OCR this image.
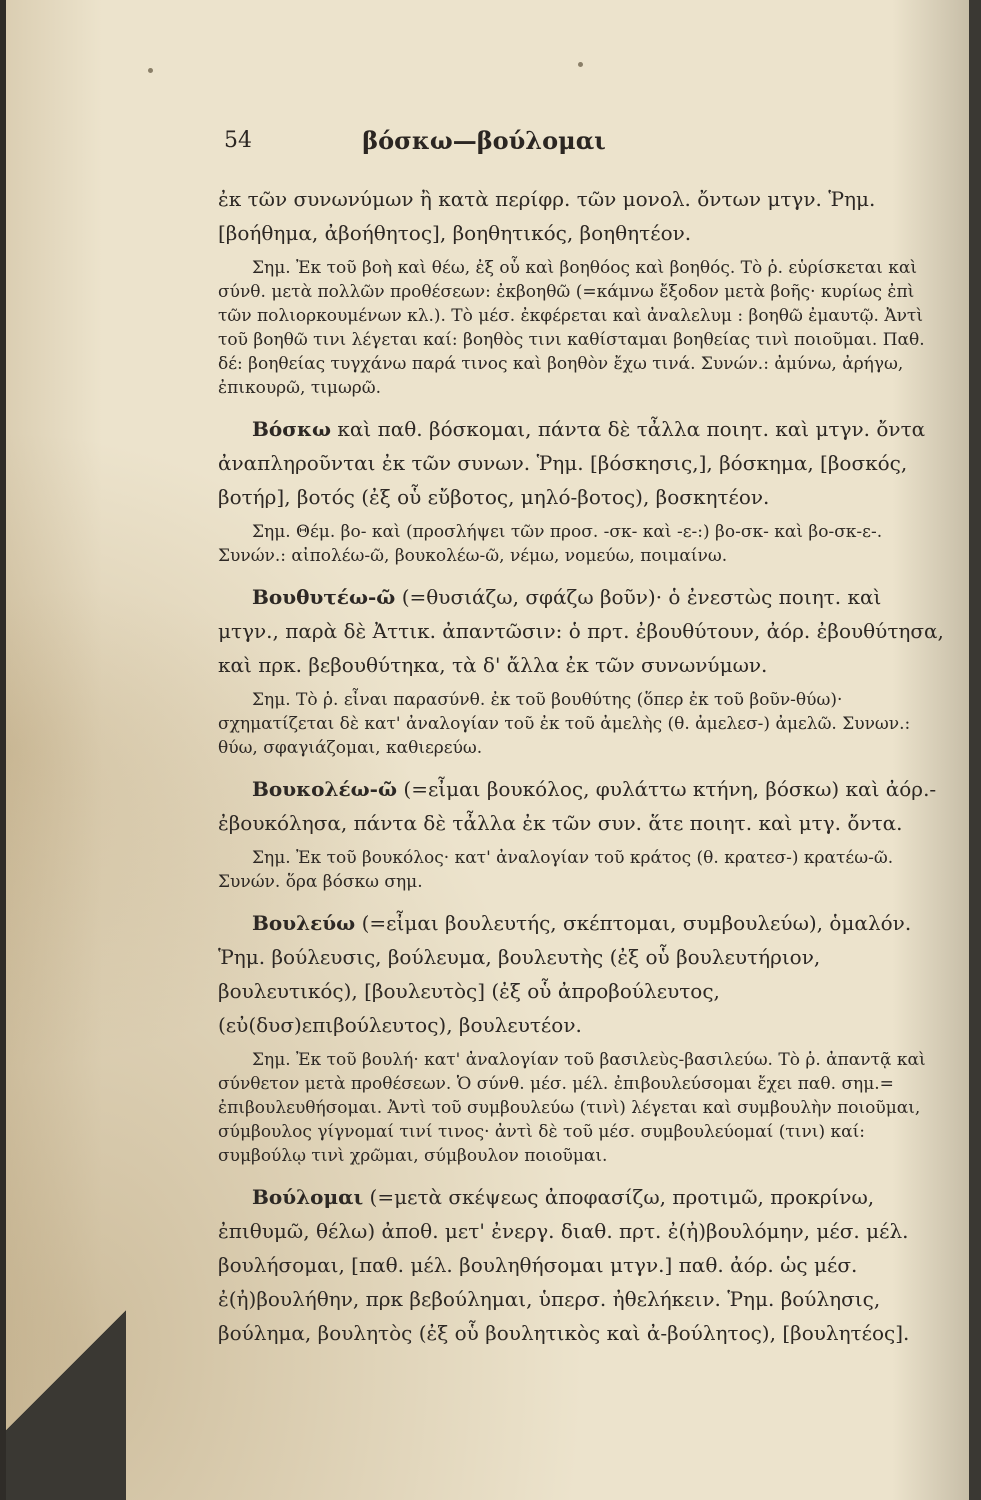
54	βόσκω—βούλομαι

ἐκ τῶν συνωνύμων ἢ κατὰ περίφρ. τῶν μονολ. ὄντων μτγν. Ῥημ. [βοήθημα, ἀβοήθητος], βοηθητικός, βοηθητέον.

Σημ. Ἐκ τοῦ βοὴ καὶ θέω, ἐξ οὗ καὶ βοηθόος καὶ βοηθός. Τὸ ῥ. εὑρίσκεται καὶ σύνθ. μετὰ πολλῶν προθέσεων: ἐκβοηθῶ (=κάμνω ἔξοδον μετὰ βοῆς· κυρίως ἐπὶ τῶν πολιορκουμένων κλ.). Τὸ μέσ. ἐκφέρεται καὶ ἀναλελυμ : βοηθῶ ἐμαυτῷ. Ἀντὶ τοῦ βοηθῶ τινι λέγεται καί: βοηθὸς τινι καθίσταμαι βοηθείας τινὶ ποιοῦμαι. Παθ. δέ: βοηθείας τυγχάνω παρά τινος καὶ βοηθὸν ἔχω τινά. Συνών.: ἀμύνω, ἀρήγω, ἐπικουρῶ, τιμωρῶ.

Βόσκω καὶ παθ. βόσκομαι, πάντα δὲ τἆλλα ποιητ. καὶ μτγν. ὄντα ἀναπληροῦνται ἐκ τῶν συνων. Ῥημ. [βόσκησις,], βόσκημα, [βοσκός, βοτήρ], βοτός (ἐξ οὗ εὔβοτος, μηλό-βοτος), βοσκητέον.

Σημ. Θέμ. βο- καὶ (προσλήψει τῶν προσ. -σκ- καὶ -ε-:) βο-σκ- καὶ βο-σκ-ε-. Συνών.: αἰπολέω-ῶ, βουκολέω-ῶ, νέμω, νομεύω, ποιμαίνω.

Βουθυτέω-ῶ (=θυσιάζω, σφάζω βοῦν)· ὁ ἐνεστὼς ποιητ. καὶ μτγν., παρὰ δὲ Ἀττικ. ἀπαντῶσιν: ὁ πρτ. ἐβουθύτουν, ἀόρ. ἐβουθύτησα, καὶ πρκ. βεβουθύτηκα, τὰ δ' ἄλλα ἐκ τῶν συνωνύμων.

Σημ. Τὸ ῥ. εἶναι παρασύνθ. ἐκ τοῦ βουθύτης (ὅπερ ἐκ τοῦ βοῦν-θύω)· σχηματίζεται δὲ κατ' ἀναλογίαν τοῦ ἐκ τοῦ ἀμελὴς (θ. ἀμελεσ-) ἀμελῶ. Συνων.: θύω, σφαγιάζομαι, καθιερεύω.

Βουκολέω-ῶ (=εἶμαι βουκόλος, φυλάττω κτήνη, βόσκω) καὶ ἀόρ.-ἐβουκόλησα, πάντα δὲ τἆλλα ἐκ τῶν συν. ἅτε ποιητ. καὶ μτγ. ὄντα.

Σημ. Ἐκ τοῦ βουκόλος· κατ' ἀναλογίαν τοῦ κράτος (θ. κρατεσ-) κρατέω-ῶ. Συνών. ὅρα βόσκω σημ.

Βουλεύω (=εἶμαι βουλευτής, σκέπτομαι, συμβουλεύω), ὁμαλόν. Ῥημ. βούλευσις, βούλευμα, βουλευτὴς (ἐξ οὗ βουλευτήριον, βουλευτικός), [βουλευτὸς] (ἐξ οὗ ἀπροβούλευτος, (εὐ(δυσ)επιβούλευτος), βουλευτέον.

Σημ. Ἐκ τοῦ βουλή· κατ' ἀναλογίαν τοῦ βασιλεὺς-βασιλεύω. Τὸ ῥ. ἀπαντᾷ καὶ σύνθετον μετὰ προθέσεων. Ὁ σύνθ. μέσ. μέλ. ἐπιβουλεύσομαι ἔχει παθ. σημ.= ἐπιβουλευθήσομαι. Ἀντὶ τοῦ συμβουλεύω (τινὶ) λέγεται καὶ συμβουλὴν ποιοῦμαι, σύμβουλος γίγνομαί τινί τινος· ἀντὶ δὲ τοῦ μέσ. συμβουλεύομαί (τινι) καί: συμβούλῳ τινὶ χρῶμαι, σύμβουλον ποιοῦμαι.

Βούλομαι (=μετὰ σκέψεως ἀποφασίζω, προτιμῶ, προκρίνω, ἐπιθυμῶ, θέλω) ἀποθ. μετ' ἐνεργ. διαθ. πρτ. ἐ(ἠ)βουλόμην, μέσ. μέλ. βουλήσομαι, [παθ. μέλ. βουληθήσομαι μτγν.] παθ. ἀόρ. ὡς μέσ. ἐ(ἠ)βουλήθην, πρκ βεβούλημαι, ὑπερσ. ἠθελήκειν. Ῥημ. βούλησις, βούλημα, βουλητὸς (ἐξ οὗ βουλητικὸς καὶ ἀ-βούλητος), [βουλητέος].
